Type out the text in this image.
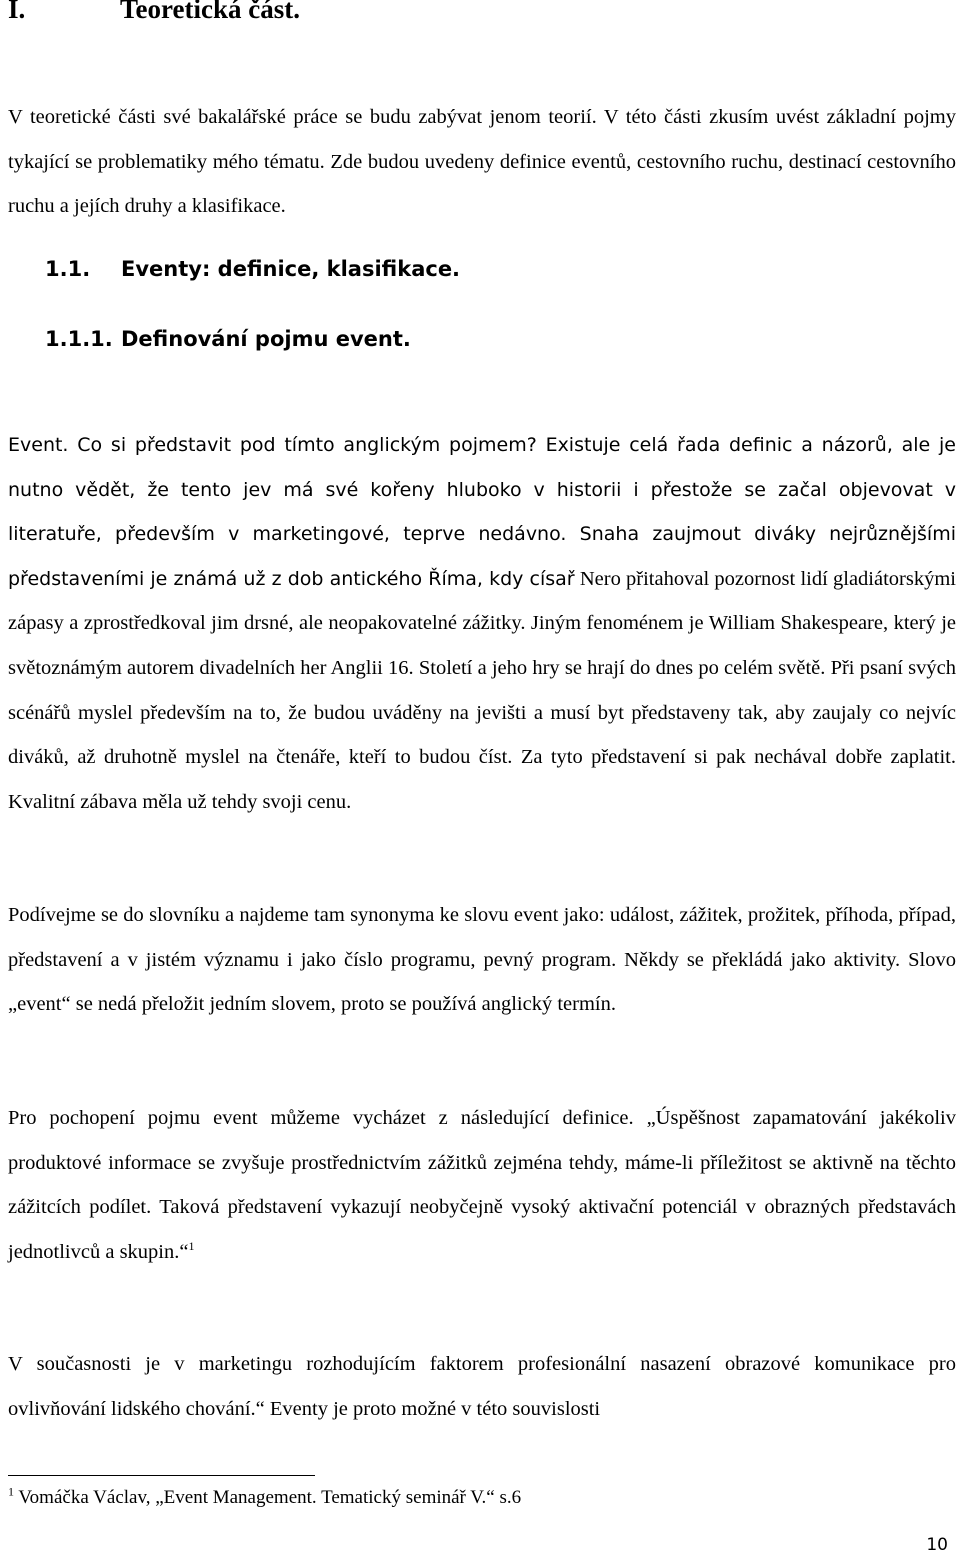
I.	Teoretická část.

V teoretické části své bakalářské práce se budu zabývat jenom teorií. V této části zkusím uvést základní pojmy tykající se problematiky mého tématu. Zde budou uvedeny definice eventů, cestovního ruchu, destinací cestovního ruchu a jejích druhy a klasifikace.

1.1. Eventy: definice, klasifikace.
1.1.1. Definování pojmu event.

Event. Co si představit pod tímto anglickým pojmem? Existuje celá řada definic a názorů, ale je nutno vědět, že tento jev má své kořeny hluboko v historii i přestože se začal objevovat v literatuře, především v marketingové, teprve nedávno. Snaha zaujmout diváky nejrůznějšími představeními je známá už z dob antického Říma, kdy císař Nero přitahoval pozornost lidí gladiátorskými zápasy a zprostředkoval jim drsné, ale neopakovatelné zážitky. Jiným fenoménem je William Shakespeare, který je světoznámým autorem divadelních her Anglii 16. Století a jeho hry se hrají do dnes po celém světě. Při psaní svých scénářů myslel především na to, že budou uváděny na jevišti a musí byt představeny tak, aby zaujaly co nejvíc diváků, až druhotně myslel na čtenáře, kteří to budou číst. Za tyto představení si pak nechával dobře zaplatit. Kvalitní zábava měla už tehdy svoji cenu.

Podívejme se do slovníku a najdeme tam synonyma ke slovu event jako: událost, zážitek, prožitek, příhoda, případ, představení a v jistém významu i jako číslo programu, pevný program. Někdy se překládá jako aktivity. Slovo „event“ se nedá přeložit jedním slovem, proto se používá anglický termín.

Pro pochopení pojmu event můžeme vycházet z následující definice. „Úspěšnost zapamatování jakékoliv produktové informace se zvyšuje prostřednictvím zážitků zejména tehdy, máme-li příležitost se aktivně na těchto zážitcích podílet. Taková představení vykazují neobyčejně vysoký aktivační potenciál v obrazných představách jednotlivců a skupin.“$^1$

V současnosti je v marketingu rozhodujícím faktorem profesionální nasazení obrazové komunikace pro ovlivňování lidského chování.“ Eventy je proto možné v této souvislosti

$^1$ Vomáčka Václav, „Event Management. Tematický seminář V.“ s.6
10
